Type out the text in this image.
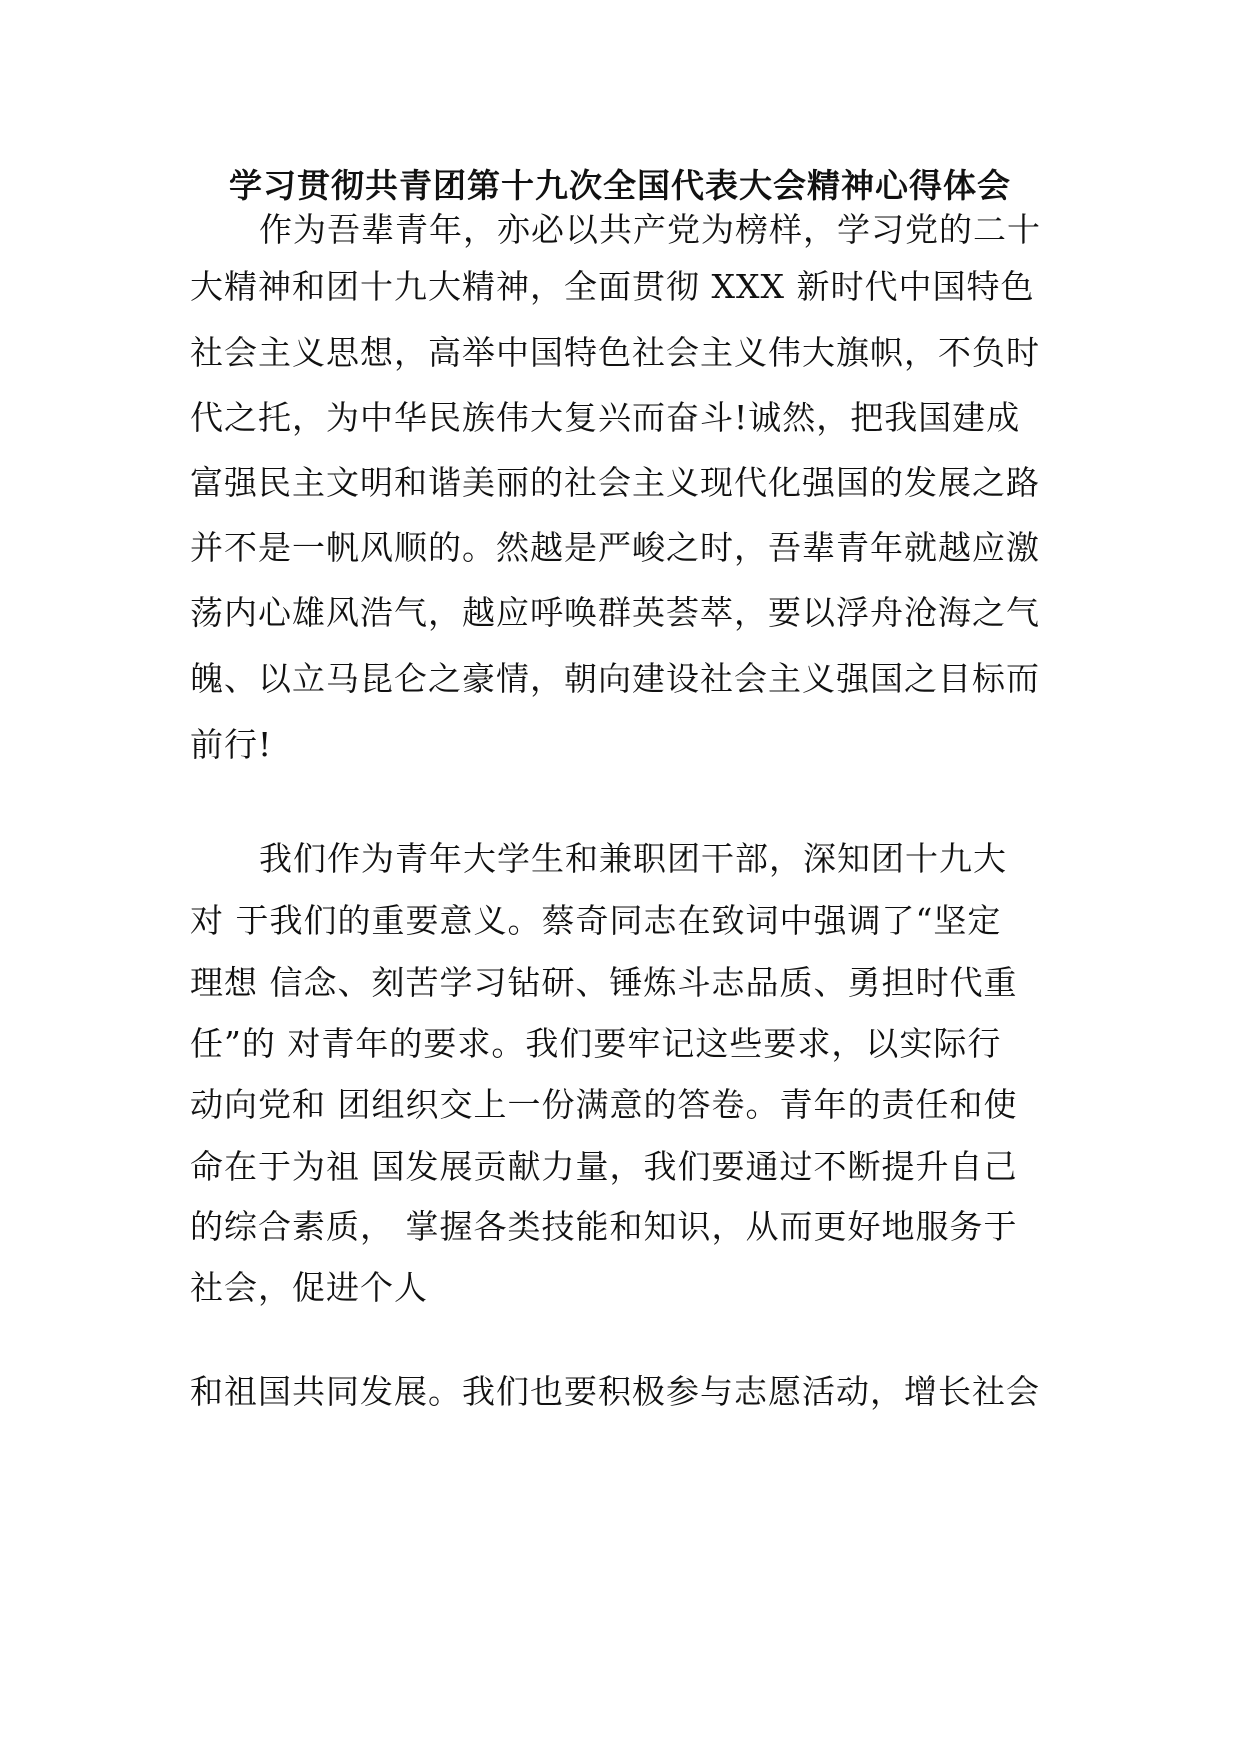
学习贯彻共青团第十九次全国代表大会精神心得体会
作为吾辈青年，亦必以共产党为榜样，学习党的二十
大精神和团十九大精神，全面贯彻 XXX 新时代中国特色
社会主义思想，高举中国特色社会主义伟大旗帜，不负时
代之托，为中华民族伟大复兴而奋斗!诚然，把我国建成
富强民主文明和谐美丽的社会主义现代化强国的发展之路
并不是一帆风顺的。然越是严峻之时，吾辈青年就越应激
荡内心雄风浩气，越应呼唤群英荟萃，要以浮舟沧海之气
魄、以立马昆仑之豪情，朝向建设社会主义强国之目标而
前行!
我们作为青年大学生和兼职团干部，深知团十九大
对 于我们的重要意义。蔡奇同志在致词中强调了“坚定
理想 信念、刻苦学习钻研、锤炼斗志品质、勇担时代重
任”的 对青年的要求。我们要牢记这些要求，以实际行
动向党和 团组织交上一份满意的答卷。青年的责任和使
命在于为祖 国发展贡献力量，我们要通过不断提升自己
的综合素质， 掌握各类技能和知识，从而更好地服务于
社会，促进个人
和祖国共同发展。我们也要积极参与志愿活动，增长社会
